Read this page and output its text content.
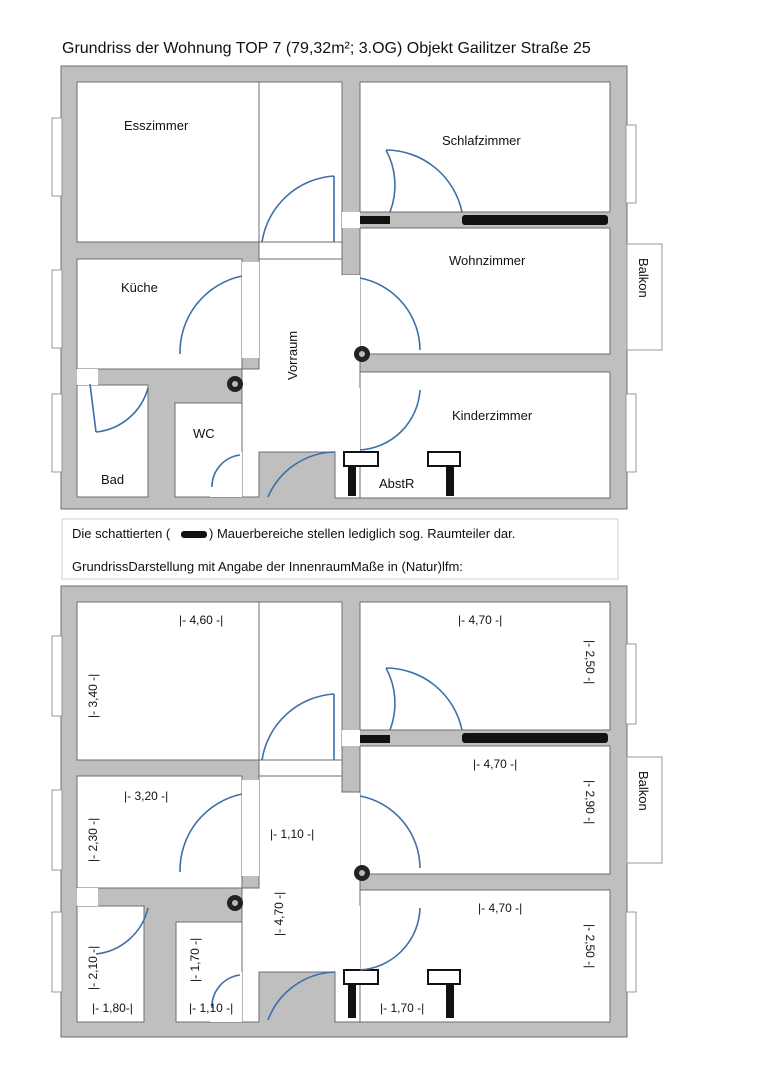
Grundriss der Wohnung TOP 7 (79,32m²; 3.OG) Objekt Gailitzer Straße 25
Esszimmer
Schlafzimmer
Wohnzimmer
Küche
Vorraum
WC
Bad
Kinderzimmer
AbstR
Balkon
Die schattierten (	) Mauerbereiche stellen lediglich sog. Raumteiler dar.
GrundrissDarstellung mit Angabe der InnenraumMaße in (Natur)lfm:
|- 4,60 -|
|- 3,40 -|
|- 4,70 -|
|- 2,50 -|
|- 4,70 -|
|- 2,90 -|
|- 3,20 -|
|- 2,30 -|	|- 1,10 -|
|- 4,70 -|	|- 4,70 -|
|- 2,50 -|
|- 2,10 -|
|- 1,80-|
|- 1,70 -|
|- 1,10 -|	|- 1,70 -|
Balkon
